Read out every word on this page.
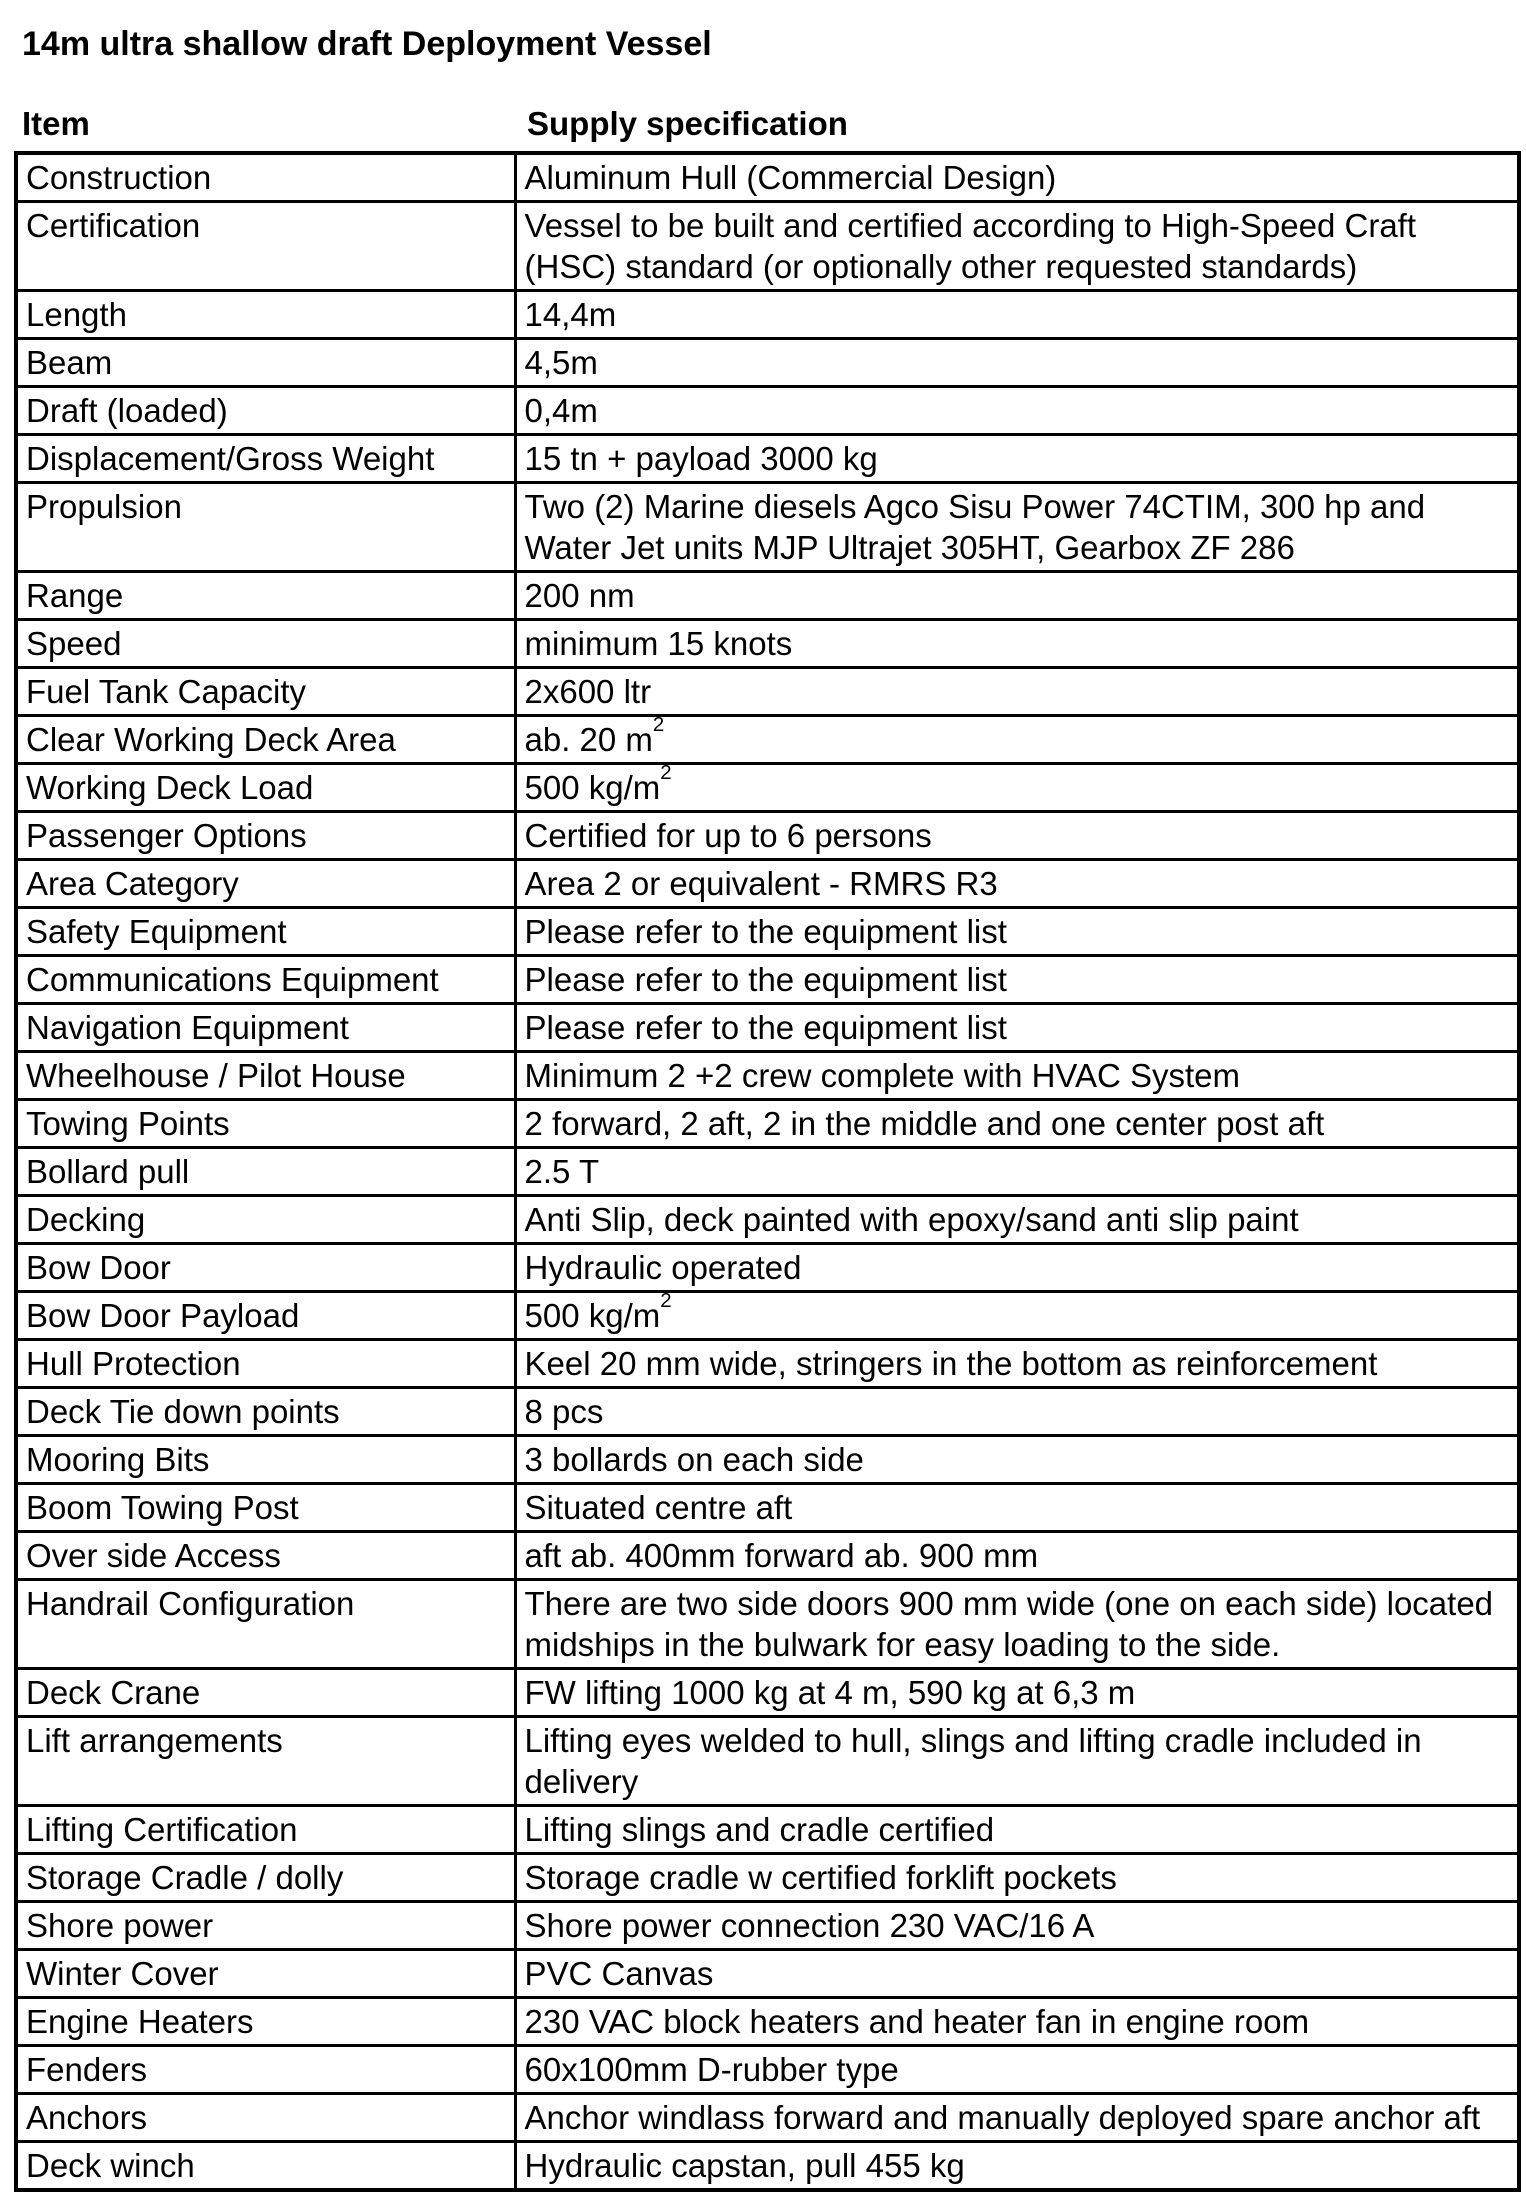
14m ultra shallow draft Deployment Vessel
Item	Supply specification
Construction	Aluminum Hull (Commercial Design)
Certification	Vessel to be built and certified according to High-Speed Craft (HSC) standard (or optionally other requested standards)
Length	14,4m
Beam	4,5m
Draft (loaded)	0,4m
Displacement/Gross Weight	15 tn + payload 3000 kg
Propulsion	Two (2) Marine diesels Agco Sisu Power 74CTIM, 300 hp and Water Jet units MJP Ultrajet 305HT, Gearbox ZF 286
Range	200 nm
Speed	minimum 15 knots
Fuel Tank Capacity	2x600 ltr
Clear Working Deck Area	ab. 20 $m^2$
Working Deck Load	500 $kg/m^2$
Passenger Options	Certified for up to 6 persons
Area Category	Area 2 or equivalent - RMRS R3
Safety Equipment	Please refer to the equipment list
Communications Equipment	Please refer to the equipment list
Navigation Equipment	Please refer to the equipment list
Wheelhouse / Pilot House	Minimum 2 +2 crew complete with HVAC System
Towing Points	2 forward, 2 aft, 2 in the middle and one center post aft
Bollard pull	2.5 T
Decking	Anti Slip, deck painted with epoxy/sand anti slip paint
Bow Door	Hydraulic operated
Bow Door Payload	500 $kg/m^2$
Hull Protection	Keel 20 mm wide, stringers in the bottom as reinforcement
Deck Tie down points	8 pcs
Mooring Bits	3 bollards on each side
Boom Towing Post	Situated centre aft
Over side Access	aft ab. 400mm forward ab. 900 mm
Handrail Configuration	There are two side doors 900 mm wide (one on each side) located midships in the bulwark for easy loading to the side.
Deck Crane	FW lifting 1000 kg at 4 m, 590 kg at 6,3 m
Lift arrangements	Lifting eyes welded to hull, slings and lifting cradle included in delivery
Lifting Certification	Lifting slings and cradle certified
Storage Cradle / dolly	Storage cradle w certified forklift pockets
Shore power	Shore power connection 230 VAC/16 A
Winter Cover	PVC Canvas
Engine Heaters	230 VAC block heaters and heater fan in engine room
Fenders	60x100mm D-rubber type
Anchors	Anchor windlass forward and manually deployed spare anchor aft
Deck winch	Hydraulic capstan, pull 455 kg
